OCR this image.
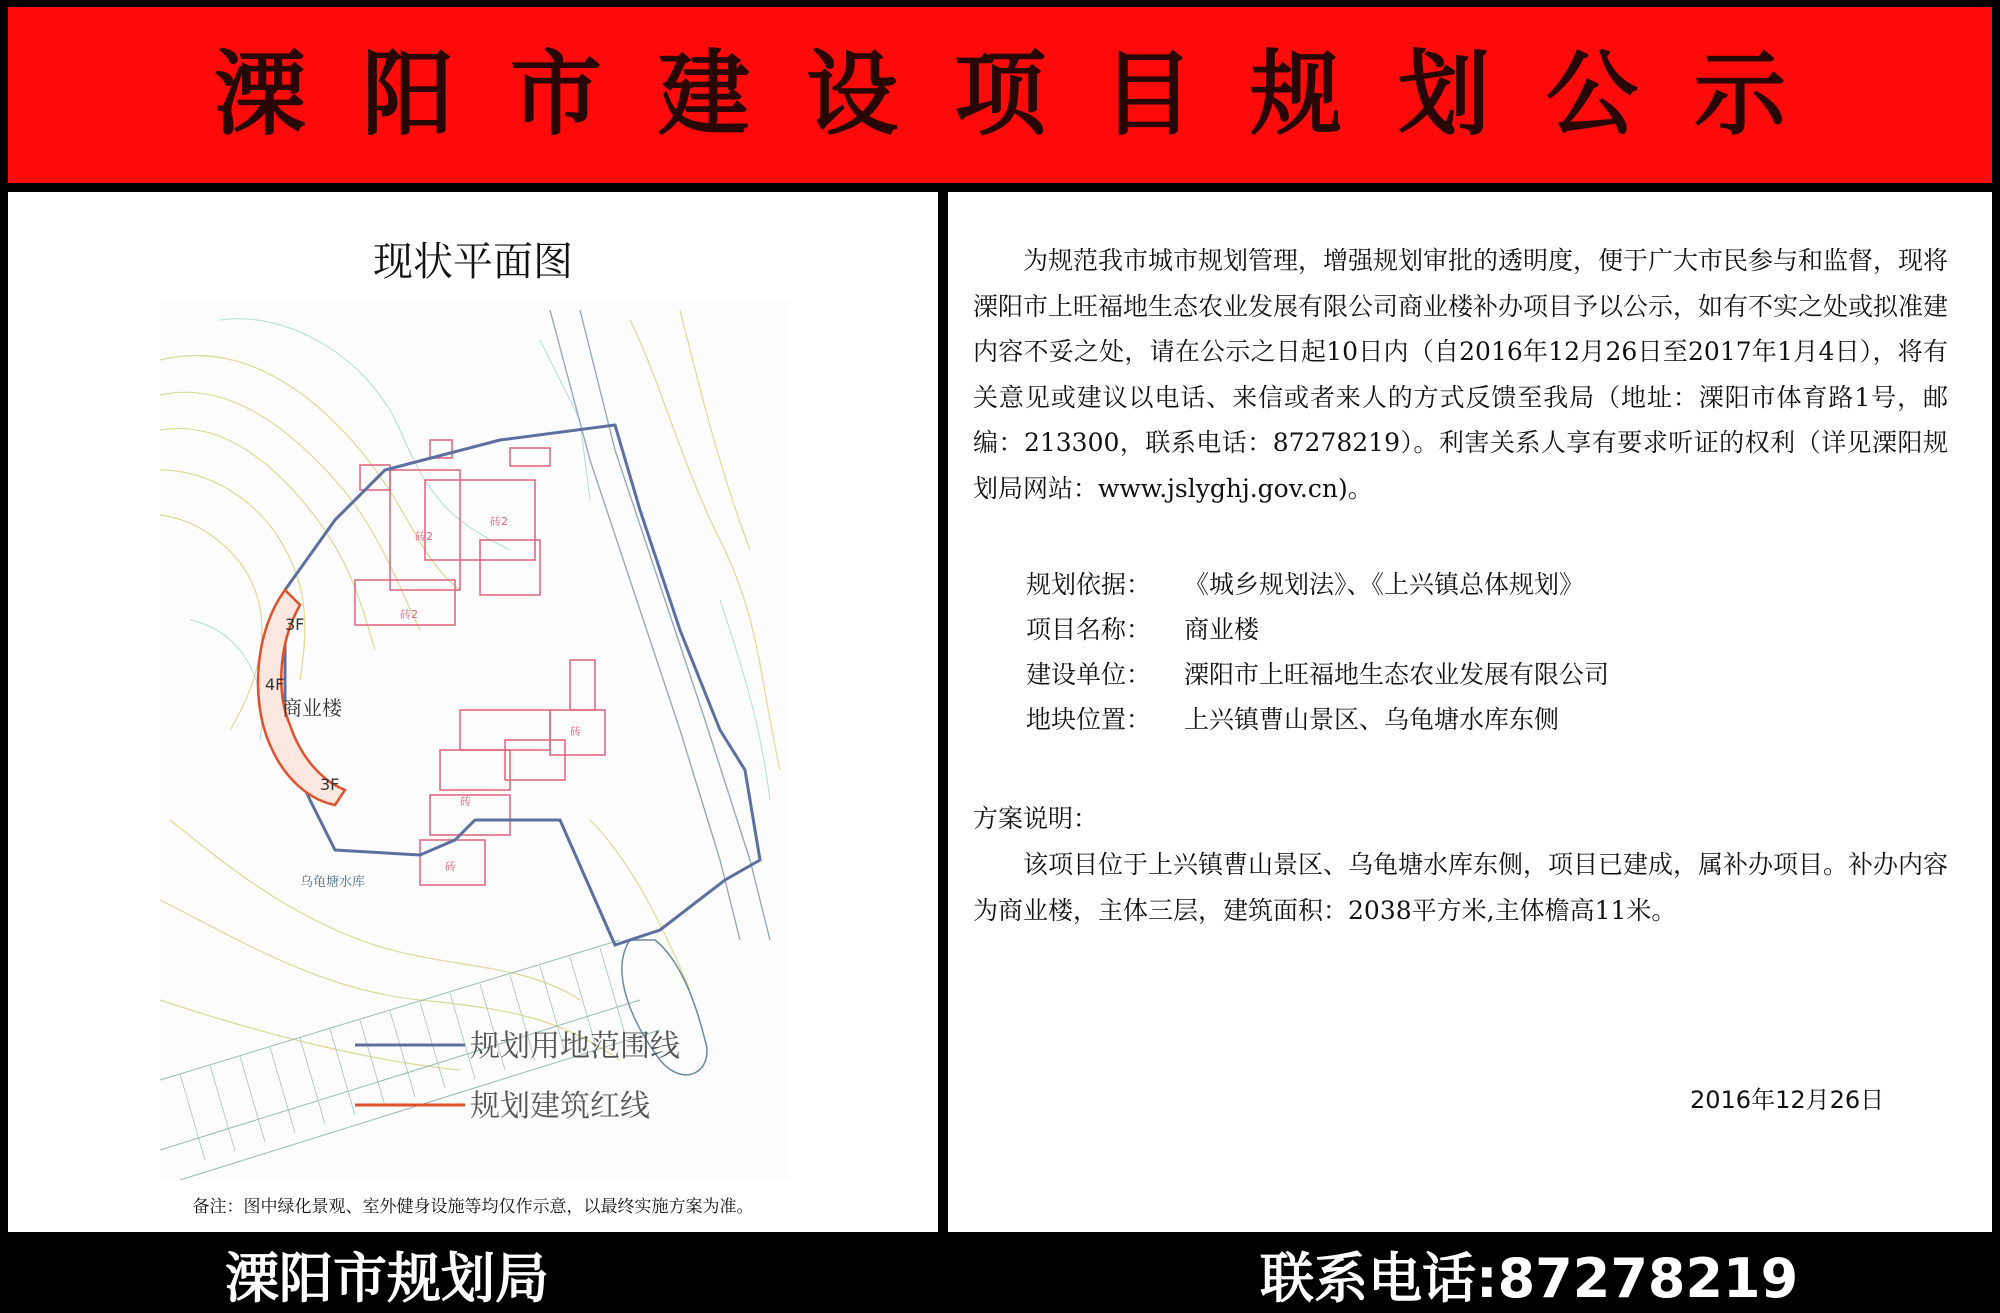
溧阳市建设项目规划公示
现状平面图
砖2
砖2
砖2
砖
砖
砖
3F
4F
3F
商业楼
乌龟塘水库
规划用地范围线
规划建筑红线
备注：图中绿化景观、室外健身设施等均仅作示意，以最终实施方案为准。
为规范我市城市规划管理，增强规划审批的透明度，便于广大市民参与和监督，现将溧阳市上旺福地生态农业发展有限公司商业楼补办项目予以公示，如有不实之处或拟准建内容不妥之处，请在公示之日起10日内（自2016年12月26日至2017年1月4日），将有关意见或建议以电话、来信或者来人的方式反馈至我局（地址：溧阳市体育路1号，邮编：213300，联系电话：87278219）。利害关系人享有要求听证的权利（详见溧阳规划局网站：www.jslyghj.gov.cn)。
规划依据： 《城乡规划法》、《上兴镇总体规划》
项目名称： 商业楼
建设单位： 溧阳市上旺福地生态农业发展有限公司
地块位置： 上兴镇曹山景区、乌龟塘水库东侧
方案说明：
该项目位于上兴镇曹山景区、乌龟塘水库东侧，项目已建成，属补办项目。补办内容为商业楼，主体三层，建筑面积：2038平方米,主体檐高11米。
2016年12月26日
溧阳市规划局	联系电话:87278219
